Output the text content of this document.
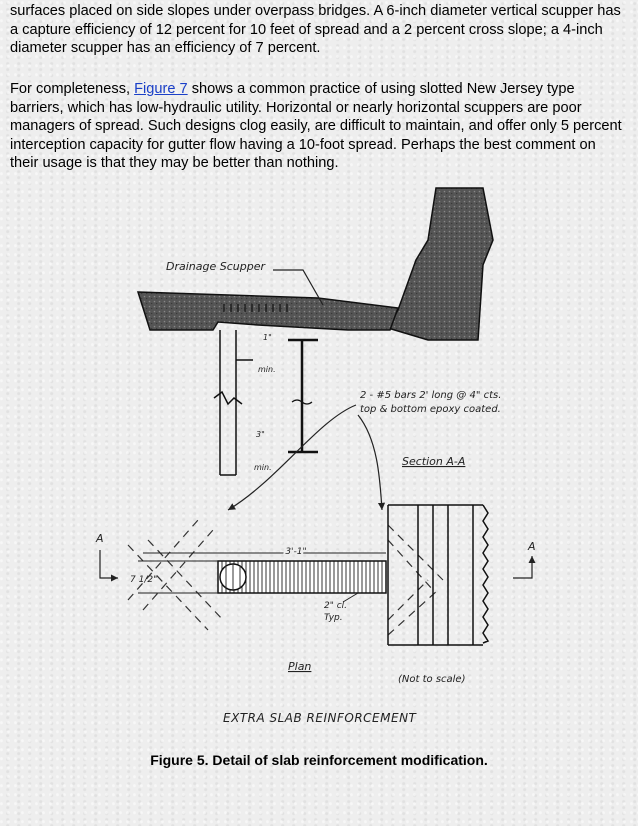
surfaces placed on side slopes under overpass bridges. A 6-inch diameter vertical scupper has a capture efficiency of 12 percent for 10 feet of spread and a 2 percent cross slope; a 4-inch diameter scupper has an efficiency of 7 percent.

For completeness, Figure 7 shows a common practice of using slotted New Jersey type barriers, which has low-hydraulic utility. Horizontal or nearly horizontal scuppers are poor managers of spread. Such designs clog easily, are difficult to maintain, and offer only 5 percent interception capacity for gutter flow having a 10-foot spread. Perhaps the best comment on their usage is that they may be better than nothing.

Drainage Scupper
1"
min.
3"
min.
2 - #5 bars 2' long @ 4" cts.
top & bottom epoxy coated.
Section A-A
A
A
3'-1"
7 1/2"
2" cl.
Typ.
Plan
(Not to scale)
EXTRA SLAB REINFORCEMENT
Figure 5. Detail of slab reinforcement modification.
